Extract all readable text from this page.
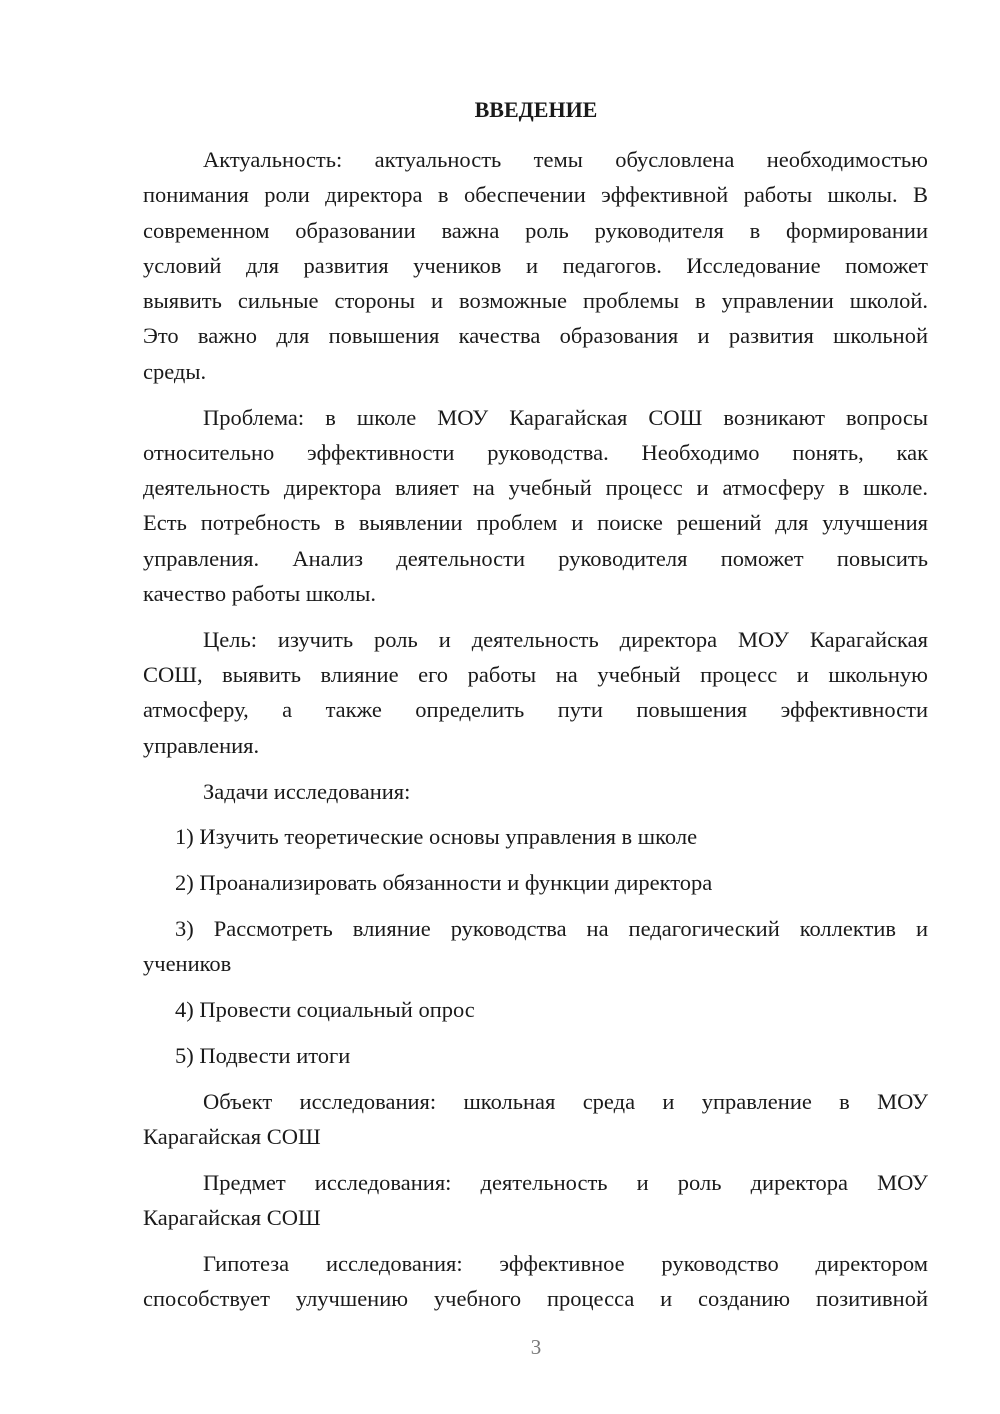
ВВЕДЕНИЕ
Актуальность: актуальность темы обусловлена необходимостью
понимания роли директора в обеспечении эффективной работы школы. В
современном образовании важна роль руководителя в формировании
условий для развития учеников и педагогов. Исследование поможет
выявить сильные стороны и возможные проблемы в управлении школой.
Это важно для повышения качества образования и развития школьной
среды.
Проблема: в школе МОУ Карагайская СОШ возникают вопросы
относительно эффективности руководства. Необходимо понять, как
деятельность директора влияет на учебный процесс и атмосферу в школе.
Есть потребность в выявлении проблем и поиске решений для улучшения
управления. Анализ деятельности руководителя поможет повысить
качество работы школы.
Цель: изучить роль и деятельность директора МОУ Карагайская
СОШ, выявить влияние его работы на учебный процесс и школьную
атмосферу, а также определить пути повышения эффективности
управления.
Задачи исследования:
1) Изучить теоретические основы управления в школе
2) Проанализировать обязанности и функции директора
3) Рассмотреть влияние руководства на педагогический коллектив и
учеников
4) Провести социальный опрос
5) Подвести итоги
Объект исследования: школьная среда и управление в МОУ
Карагайская СОШ
Предмет исследования: деятельность и роль директора МОУ
Карагайская СОШ
Гипотеза исследования: эффективное руководство директором
способствует улучшению учебного процесса и созданию позитивной
3
